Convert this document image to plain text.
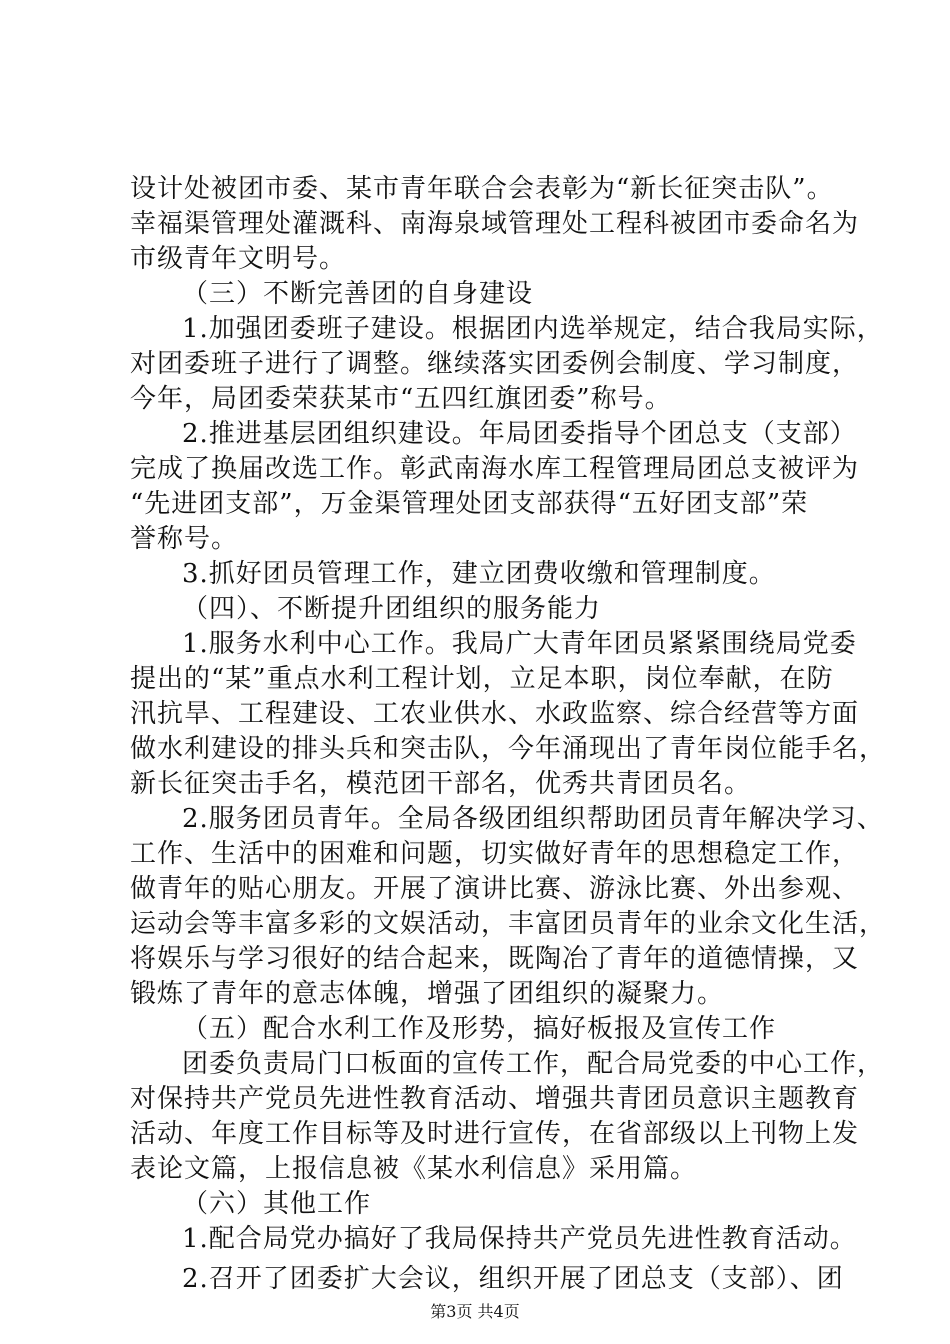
设计处被团市委、某市青年联合会表彰为“新长征突击队”。
幸福渠管理处灌溉科、南海泉域管理处工程科被团市委命名为
市级青年文明号。
（三）不断完善团的自身建设
1.加强团委班子建设。根据团内选举规定，结合我局实际，
对团委班子进行了调整。继续落实团委例会制度、学习制度，
今年，局团委荣获某市“五四红旗团委”称号。
2.推进基层团组织建设。年局团委指导个团总支（支部）
完成了换届改选工作。彰武南海水库工程管理局团总支被评为
“先进团支部”，万金渠管理处团支部获得“五好团支部”荣
誉称号。
3.抓好团员管理工作，建立团费收缴和管理制度。
（四）、不断提升团组织的服务能力
1.服务水利中心工作。我局广大青年团员紧紧围绕局党委
提出的“某”重点水利工程计划，立足本职，岗位奉献，在防
汛抗旱、工程建设、工农业供水、水政监察、综合经营等方面
做水利建设的排头兵和突击队，今年涌现出了青年岗位能手名，
新长征突击手名，模范团干部名，优秀共青团员名。
2.服务团员青年。全局各级团组织帮助团员青年解决学习、
工作、生活中的困难和问题，切实做好青年的思想稳定工作，
做青年的贴心朋友。开展了演讲比赛、游泳比赛、外出参观、
运动会等丰富多彩的文娱活动，丰富团员青年的业余文化生活，
将娱乐与学习很好的结合起来，既陶冶了青年的道德情操，又
锻炼了青年的意志体魄，增强了团组织的凝聚力。
（五）配合水利工作及形势，搞好板报及宣传工作
团委负责局门口板面的宣传工作，配合局党委的中心工作，
对保持共产党员先进性教育活动、增强共青团员意识主题教育
活动、年度工作目标等及时进行宣传，在省部级以上刊物上发
表论文篇，上报信息被《某水利信息》采用篇。
（六）其他工作
1.配合局党办搞好了我局保持共产党员先进性教育活动。
2.召开了团委扩大会议，组织开展了团总支（支部）、团
第3页 共4页
